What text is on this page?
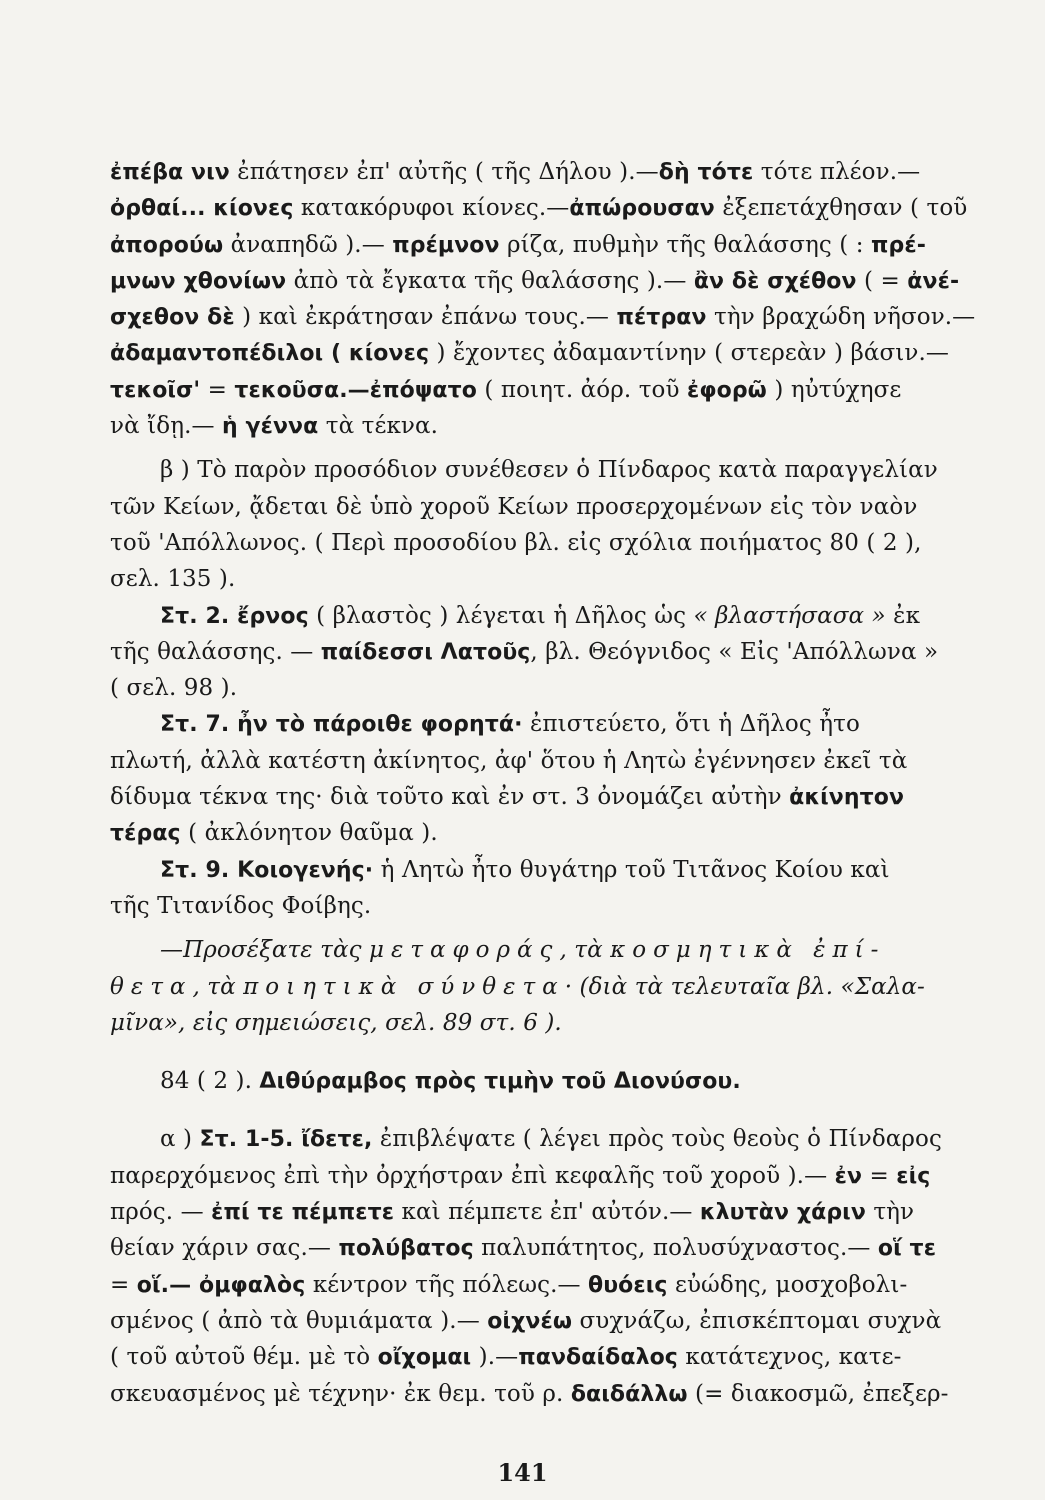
ἐπέβα νιν ἐπάτησεν ἐπ' αὐτῆς ( τῆς Δήλου ).—δὴ τότε τότε πλέον.—
ὀρθαί... κίονες κατακόρυφοι κίονες.—ἀπώρουσαν ἐξεπετάχθησαν ( τοῦ
ἀπορούω ἀναπηδῶ ).— πρέμνον ρίζα, πυθμὴν τῆς θαλάσσης ( : πρέ-
μνων χθονίων ἀπὸ τὰ ἔγκατα τῆς θαλάσσης ).— ἂν δὲ σχέθον ( = ἀνέ-
σχεθον δὲ ) καὶ ἐκράτησαν ἐπάνω τους.— πέτραν τὴν βραχώδη νῆσον.—
ἀδαμαντοπέδιλοι ( κίονες ) ἔχοντες ἀδαμαντίνην ( στερεὰν ) βάσιν.—
τεκοῖσ' = τεκοῦσα.—ἐπόψατο ( ποιητ. ἀόρ. τοῦ ἐφορῶ ) ηὐτύχησε
νὰ ἴδῃ.— ἡ γέννα τὰ τέκνα.
β ) Τὸ παρὸν προσόδιον συνέθεσεν ὁ Πίνδαρος κατὰ παραγγελίαν
τῶν Κείων, ᾄδεται δὲ ὑπὸ χοροῦ Κείων προσερχομένων εἰς τὸν ναὸν
τοῦ 'Απόλλωνος. ( Περὶ προσοδίου βλ. εἰς σχόλια ποιήματος 80 ( 2 ),
σελ. 135 ).
Στ. 2. ἔρνος ( βλαστὸς ) λέγεται ἡ Δῆλος ὡς « βλαστήσασα » ἐκ
τῆς θαλάσσης. — παίδεσσι Λατοῦς, βλ. Θεόγνιδος « Εἰς 'Απόλλωνα »
( σελ. 98 ).
Στ. 7. ἦν τὸ πάροιθε φορητά· ἐπιστεύετο, ὅτι ἡ Δῆλος ἦτο
πλωτή, ἀλλὰ κατέστη ἀκίνητος, ἀφ' ὅτου ἡ Λητὼ ἐγέννησεν ἐκεῖ τὰ
δίδυμα τέκνα της· διὰ τοῦτο καὶ ἐν στ. 3 ὀνομάζει αὐτὴν ἀκίνητον
τέρας ( ἀκλόνητον θαῦμα ).
Στ. 9. Κοιογενής· ἡ Λητὼ ἦτο θυγάτηρ τοῦ Τιτᾶνος Κοίου καὶ
τῆς Τιτανίδος Φοίβης.
—Προσέξατε τὰς μεταφοράς, τὰ κοσμητικὰ ἐπί-
θετα, τὰ ποιητικὰ σύνθετα· (διὰ τὰ τελευταῖα βλ. «Σαλα-
μῖνα», εἰς σημειώσεις, σελ. 89 στ. 6 ).
84 ( 2 ). Διθύραμβος πρὸς τιμὴν τοῦ Διονύσου.
α ) Στ. 1-5. ἴδετε, ἐπιβλέψατε ( λέγει πρὸς τοὺς θεοὺς ὁ Πίνδαρος
παρερχόμενος ἐπὶ τὴν ὀρχήστραν ἐπὶ κεφαλῆς τοῦ χοροῦ ).— ἐν = εἰς
πρός. — ἐπί τε πέμπετε καὶ πέμπετε ἐπ' αὐτόν.— κλυτὰν χάριν τὴν
θείαν χάριν σας.— πολύβατος παλυπάτητος, πολυσύχναστος.— οἵ τε
= οἵ.— ὀμφαλὸς κέντρον τῆς πόλεως.— θυόεις εὐώδης, μοσχοβολι-
σμένος ( ἀπὸ τὰ θυμιάματα ).— οἰχνέω συχνάζω, ἐπισκέπτομαι συχνὰ
( τοῦ αὐτοῦ θέμ. μὲ τὸ οἴχομαι ).—πανδαίδαλος κατάτεχνος, κατε-
σκευασμένος μὲ τέχνην· ἐκ θεμ. τοῦ ρ. δαιδάλλω (= διακοσμῶ, ἐπεξερ-
141
